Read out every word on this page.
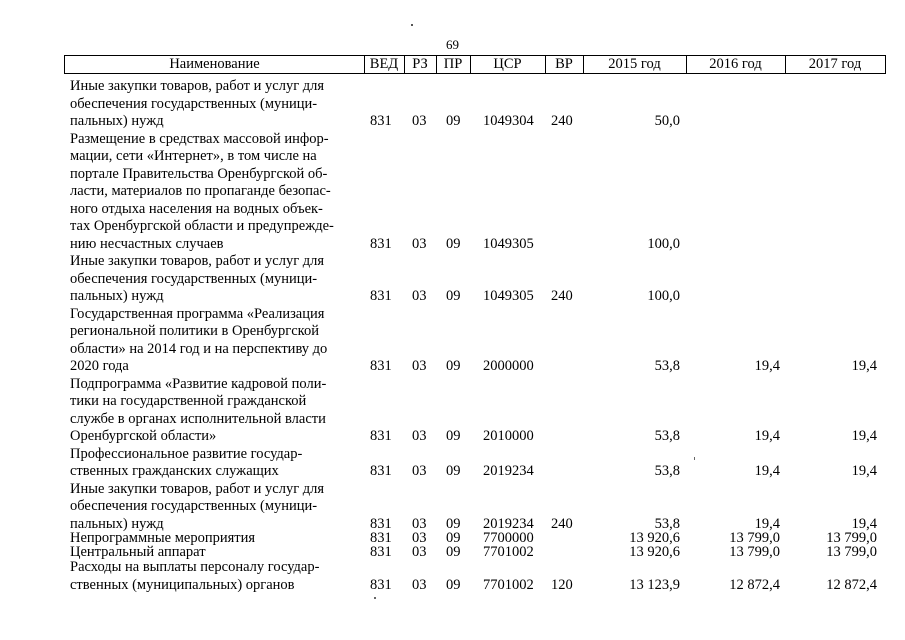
69
Наименование	ВЕД РЗ	ПР	ЦСР	ВР	2015 год	2016 год	2017 год
Иные закупки товаров, работ и услуг для
обеспечения государственных (муници-
пальных) нужд	831 03 09 1049304 240	50,0
Размещение в средствах массовой инфор-
мации, сети «Интернет», в том числе на
портале Правительства Оренбургской об-
ласти, материалов по пропаганде безопас-
ного отдыха населения на водных объек-
тах Оренбургской области и предупрежде-
нию несчастных случаев	831 03 09 1049305	100,0
Иные закупки товаров, работ и услуг для
обеспечения государственных (муници-
пальных) нужд	831 03 09 1049305 240	100,0
Государственная программа «Реализация
региональной политики в Оренбургской
области» на 2014 год и на перспективу до
2020 года	831 03 09 2000000	53,8	19,4	19,4
Подпрограмма «Развитие кадровой поли-
тики на государственной гражданской
службе в органах исполнительной власти
Оренбургской области»	831 03 09 2010000	53,8	19,4	19,4
Профессиональное развитие государ-
ственных гражданских служащих	831 03 09 2019234	53,8	19,4	19,4
Иные закупки товаров, работ и услуг для
обеспечения государственных (муници-
пальных) нужд	831 03 09 2019234 240	53,8	19,4	19,4
Непрограммные мероприятия	831 03 09 7700000	13 920,6	13 799,0	13 799,0
Центральный аппарат	831 03 09 7701002	13 920,6	13 799,0	13 799,0
Расходы на выплаты персоналу государ-
ственных (муниципальных) органов	831 03 09 7701002 120	13 123,9	12 872,4	12 872,4
